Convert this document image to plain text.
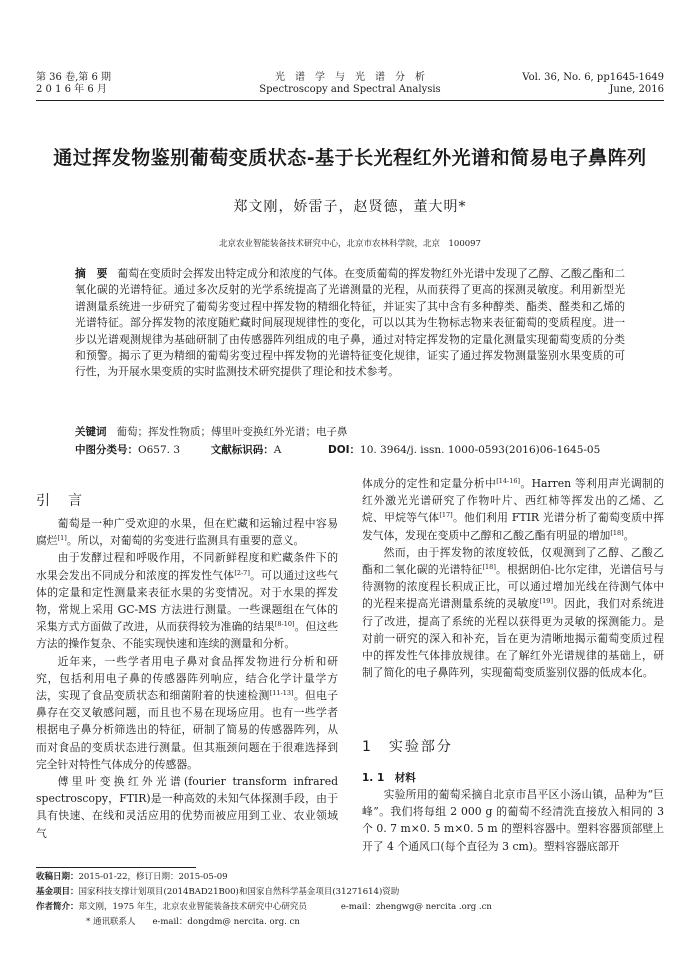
第 36 卷,第 6 期
2 0 1 6 年 6 月
光　谱　学　与　光　谱　分　析
Spectroscopy and Spectral Analysis
Vol. 36, No. 6, pp1645-1649
June, 2016
通过挥发物鉴别葡萄变质状态-基于长光程红外光谱和简易电子鼻阵列
郑文刚，娇雷子，赵贤德，董大明*
北京农业智能装备技术研究中心，北京市农林科学院，北京　100097
摘　要 葡萄在变质时会挥发出特定成分和浓度的气体。在变质葡萄的挥发物红外光谱中发现了乙醇、乙酸乙酯和二氧化碳的光谱特征。通过多次反射的光学系统提高了光谱测量的光程，从而获得了更高的探测灵敏度。利用新型光谱测量系统进一步研究了葡萄劣变过程中挥发物的精细化特征，并证实了其中含有多种醇类、酯类、醛类和乙烯的光谱特征。部分挥发物的浓度随贮藏时间展现规律性的变化，可以以其为生物标志物来表征葡萄的变质程度。进一步以光谱观测规律为基础研制了由传感器阵列组成的电子鼻，通过对特定挥发物的定量化测量实现葡萄变质的分类和预警。揭示了更为精细的葡萄劣变过程中挥发物的光谱特征变化规律，证实了通过挥发物测量鉴别水果变质的可行性，为开展水果变质的实时监测技术研究提供了理论和技术参考。
关键词 葡萄；挥发性物质；傅里叶变换红外光谱；电子鼻
中图分类号：O657. 3	文献标识码：A	DOI：10. 3964/j. issn. 1000-0593(2016)06-1645-05
引　言

葡萄是一种广受欢迎的水果，但在贮藏和运输过程中容易腐烂[1]。所以，对葡萄的劣变进行监测具有重要的意义。

由于发酵过程和呼吸作用，不同新鲜程度和贮藏条件下的水果会发出不同成分和浓度的挥发性气体[2-7]。可以通过这些气体的定量和定性测量来表征水果的劣变情况。对于水果的挥发物，常规上采用 GC-MS 方法进行测量。一些课题组在气体的采集方式方面做了改进，从而获得较为准确的结果[8-10]。但这些方法的操作复杂、不能实现快速和连续的测量和分析。

近年来，一些学者用电子鼻对食品挥发物进行分析和研究，包括利用电子鼻的传感器阵列响应，结合化学计量学方法，实现了食品变质状态和细菌附着的快速检测[11-13]。但电子鼻存在交叉敏感问题，而且也不易在现场应用。也有一些学者根据电子鼻分析筛选出的特征，研制了简易的传感器阵列，从而对食品的变质状态进行测量。但其瓶颈问题在于很难选择到完全针对特性气体成分的传感器。

傅里叶变换红外光谱(fourier transform infrared spectroscopy，FTIR)是一种高效的未知气体探测手段，由于具有快速、在线和灵活应用的优势而被应用到工业、农业领域气

体成分的定性和定量分析中[14-16]。Harren 等利用声光调制的红外激光光谱研究了作物叶片、西红柿等挥发出的乙烯、乙烷、甲烷等气体[17]。他们利用 FTIR 光谱分析了葡萄变质中挥发气体，发现在变质中乙醇和乙酸乙酯有明显的增加[18]。

然而，由于挥发物的浓度较低，仅观测到了乙醇、乙酸乙酯和二氧化碳的光谱特征[18]。根据朗伯-比尔定律，光谱信号与待测物的浓度程长积成正比，可以通过增加光线在待测气体中的光程来提高光谱测量系统的灵敏度[19]。因此，我们对系统进行了改进，提高了系统的光程以获得更为灵敏的探测能力。是对前一研究的深入和补充，旨在更为清晰地揭示葡萄变质过程中的挥发性气体排放规律。在了解红外光谱规律的基础上，研制了简化的电子鼻阵列，实现葡萄变质鉴别仪器的低成本化。

1　实验部分
1. 1　材料

实验所用的葡萄采摘自北京市昌平区小汤山镇，品种为“巨峰”。我们将每组 2 000 g 的葡萄不经清洗直接放入相同的 3 个 0. 7 m×0. 5 m×0. 5 m 的塑料容器中。塑料容器顶部壁上开了 4 个通风口(每个直径为 3 cm)。塑料容器底部开

收稿日期：2015-01-22，修订日期：2015-05-09
基金项目：国家科技支撑计划项目(2014BAD21B00)和国家自然科学基金项目(31271614)资助
作者简介：郑文刚，1975 年生，北京农业智能装备技术研究中心研究员	e-mail：zhengwg@ nercita .org .cn
* 通讯联系人　　e-mail：dongdm@ nercita. org. cn
